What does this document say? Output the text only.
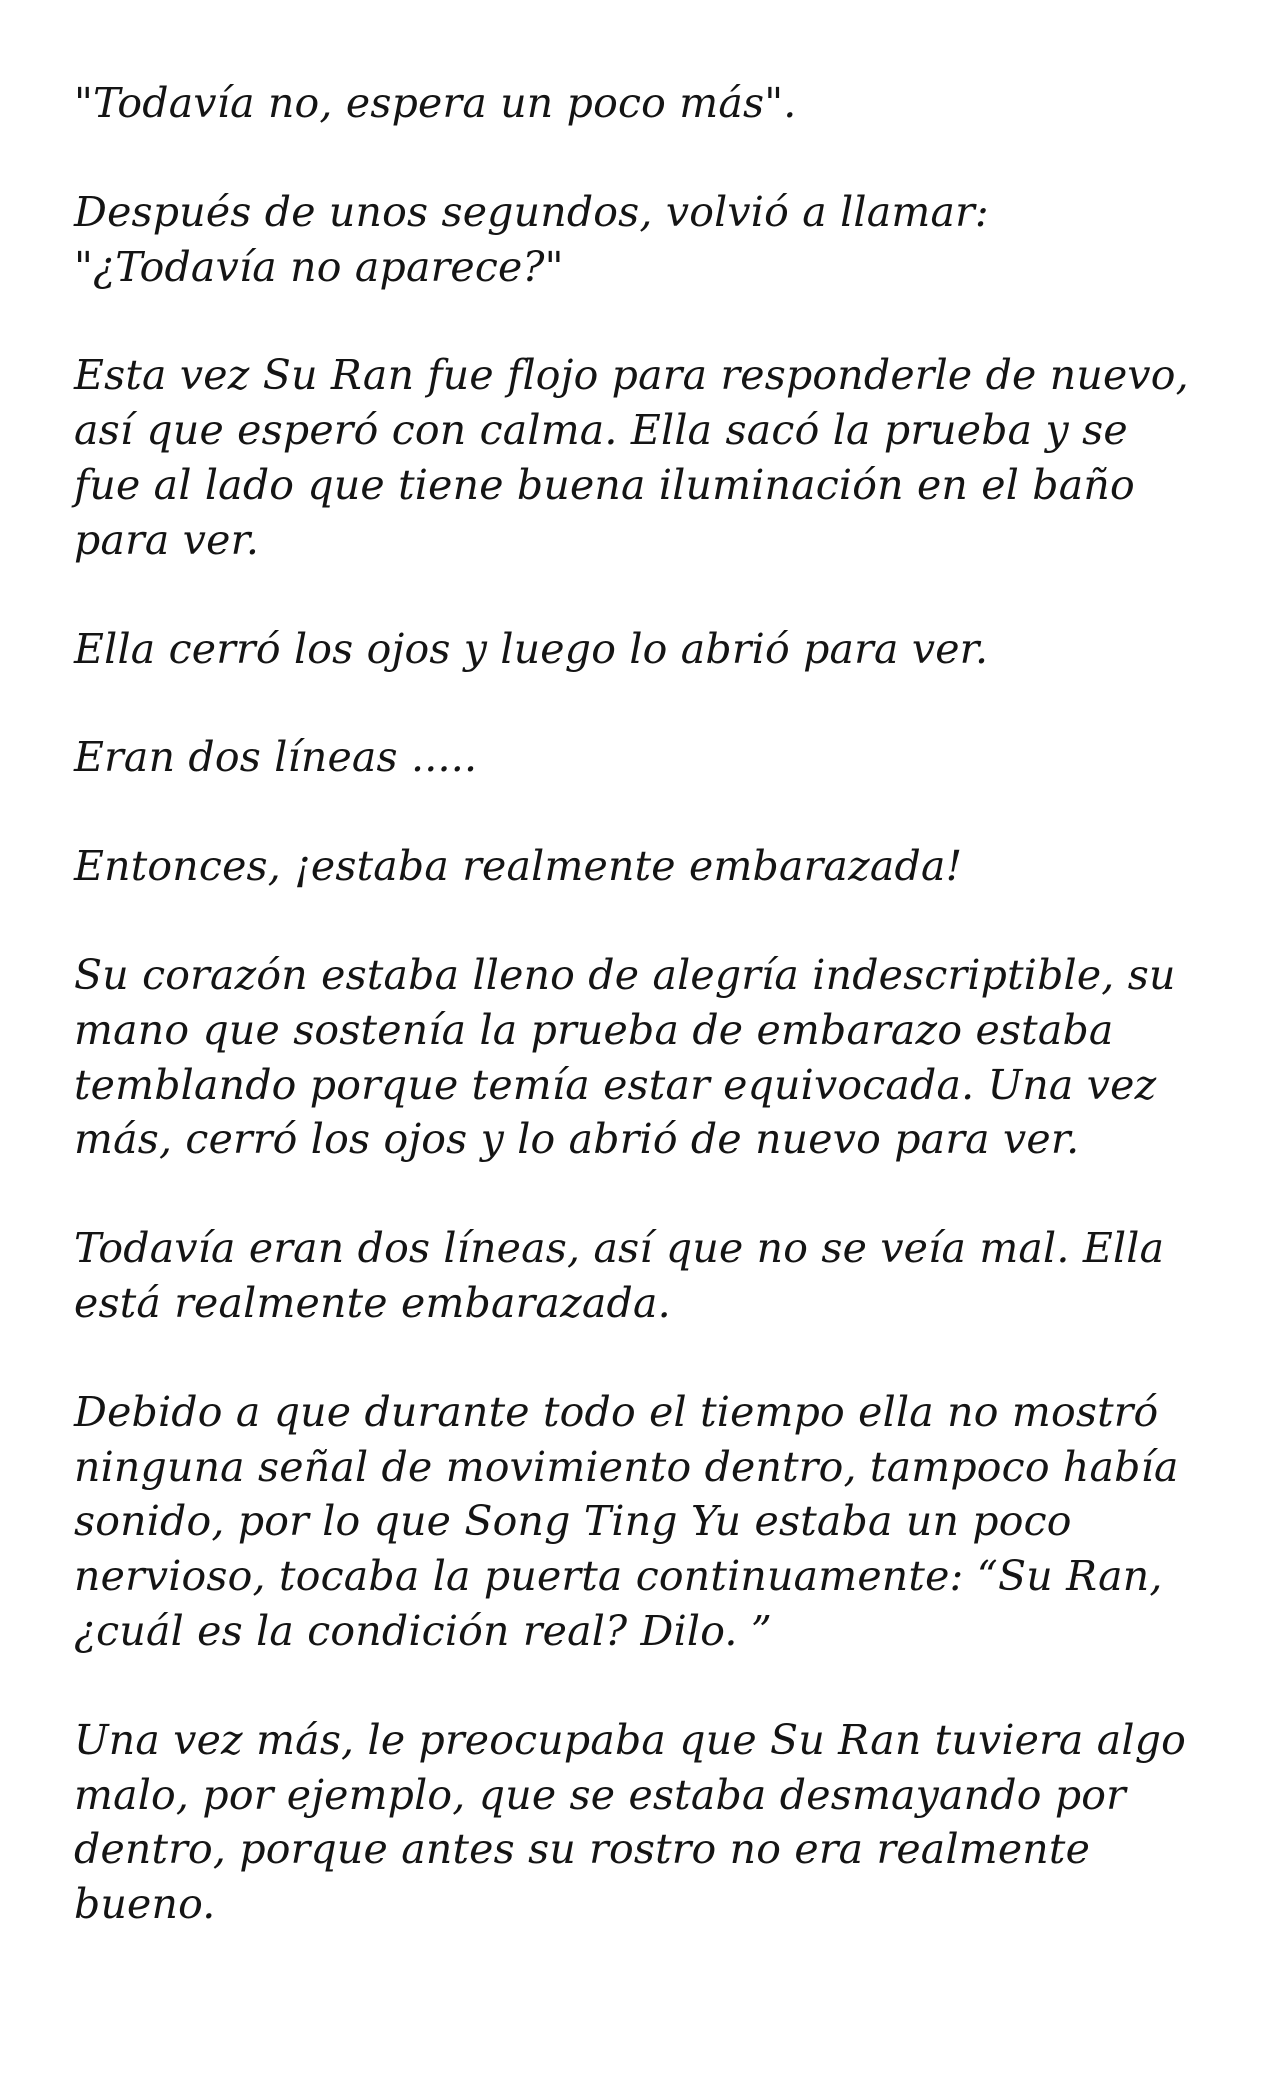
"Todavía no, espera un poco más".

Después de unos segundos, volvió a llamar:
"¿Todavía no aparece?"

Esta vez Su Ran fue flojo para responderle de nuevo,
así que esperó con calma. Ella sacó la prueba y se
fue al lado que tiene buena iluminación en el baño
para ver.

Ella cerró los ojos y luego lo abrió para ver.

Eran dos líneas .....

Entonces, ¡estaba realmente embarazada!

Su corazón estaba lleno de alegría indescriptible, su
mano que sostenía la prueba de embarazo estaba
temblando porque temía estar equivocada. Una vez
más, cerró los ojos y lo abrió de nuevo para ver.

Todavía eran dos líneas, así que no se veía mal. Ella
está realmente embarazada.

Debido a que durante todo el tiempo ella no mostró
ninguna señal de movimiento dentro, tampoco había
sonido, por lo que Song Ting Yu estaba un poco
nervioso, tocaba la puerta continuamente: “Su Ran,
¿cuál es la condición real? Dilo. ”

Una vez más, le preocupaba que Su Ran tuviera algo
malo, por ejemplo, que se estaba desmayando por
dentro, porque antes su rostro no era realmente
bueno.
